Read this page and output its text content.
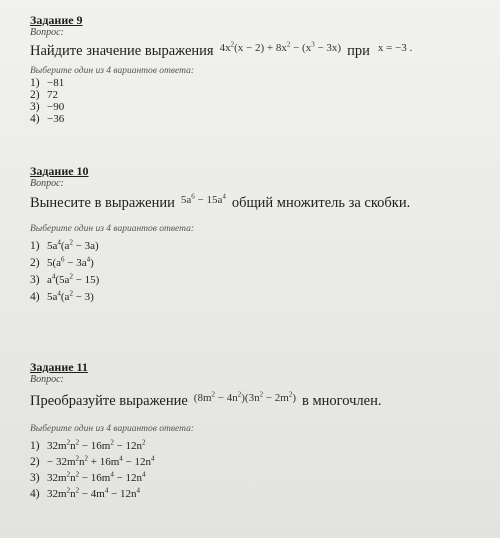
Задание 9
Вопрос:
Найдите значение выражения $4x^2(x - 2) + 8x^2 - (x^3 - 3x)$ при x = −3 .
Выберите один из 4 вариантов ответа:
1) −81
2) 72
3) −90
4) −36
Задание 10
Вопрос:
Вынесите в выражении $5a^6 - 15a^4$ общий множитель за скобки.
Выберите один из 4 вариантов ответа:
1) $5a^4(a^2 - 3a)$
2) $5(a^6 - 3a^4)$
3) $a^4(5a^2 - 15)$
4) $5a^4(a^2 - 3)$
Задание 11
Вопрос:
Преобразуйте выражение $(8m^2 - 4n^2)(3n^2 - 2m^2)$ в многочлен.
Выберите один из 4 вариантов ответа:
1) $32m^2n^2 - 16m^2 - 12n^2$
$2) - 32m^2n^2 + 16m^4 - 12n^4$
3) $32m^2n^2 - 16m^4 - 12n^4$
4) $32m^2n^2 - 4m^4 - 12n^4$
